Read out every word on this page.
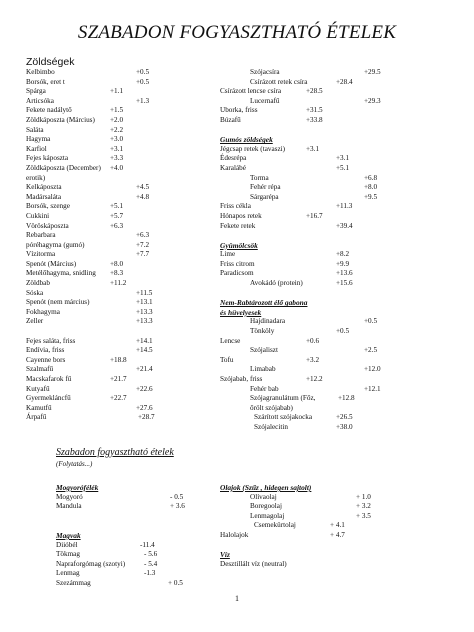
SZABADON FOGYASZTHATÓ ÉTELEK
Zöldségek
Kelbimbo	+0.5
Borsók, eret t	+0.5
Spárga	+1.1
Articsóka	+1.3
Fekete nadálytő	+1.5
Zöldkáposzta (Március) +2.0
Saláta	+2.2
Hagyma	+3.0
Karfiol	+3.1
Fejes káposzta	+3.3
Zöldkáposzta (December) +4.0
erotik)
Kelkáposzta	+4.5
Madársaláta	+4.8
Borsók, szenge	+5.1
Cukkini	+5.7
Vöröskáposzta	+6.3
Rebarbara	+6.3
póréhagyma (gumó)	+7.2
Vízitorma	+7.7
Spenót (Március)	+8.0
Metélőhagyma, snidling +8.3
Zöldbab	+11.2
Sóska	+11.5
Spenót (nem március)	+13.1
Fokhagyma	+13.3
Zeller	+13.3
Fejes saláta, friss	+14.1
Endívia, friss	+14.5
Cayenne bors	+18.8
Szalmafű	+21.4
Macskafarok fű	+21.7
Kutyafű	+22.6
Gyermekláncfű	+22.7
Kamutfű	+27.6
Árpafű	+28.7
Szójacsíra	+29.5
Csírázott retek csíra	+28.4
Csírázott lencse csíra	+28.5
Lucernafű	+29.3
Uborka, friss	+31.5
Búzafű	+33.8
Gumós zöldségek
Jégcsap retek (tavaszi)	+3.1
Édesrépa	+3.1
Karalábé	+5.1
Torma	+6.8
Fehér répa	+8.0
Sárgarépa	+9.5
Friss cékla	+11.3
Hónapos retek	+16.7
Fekete retek	+39.4
Gyümölcsök
Lime	+8.2
Friss citrom	+9.9
Paradicsom	+13.6
Avokádó (protein)	+15.6
Nem-Rabtározott élő gabona
és hüvelyesek
Hajdinadara	+0.5
Tönköly	+0.5
Lencse	+0.6
Szójaliszt	+2.5
Tofu	+3.2
Limabab	+12.0
Szójabab, friss	+12.2
Fehér bab	+12.1
Szójagranulátum (Főz,	+12.8
őrölt szójabab)
Szárított szójakocka	+26.5
Szójalecitin	+38.0
Szabadon fogyasztható ételek
(Folytatás...)
Mogyorófélék
Mogyoró	- 0.5
Mandula	+ 3.6
Magvak
Diióbél	-11.4
Tökmag	- 5.6
Napraforgómag (szotyi)	- 5.4
Lenmag	-1.3
Szezámmag	+ 0.5
Olajok (Szűz , hidegen sajtolt)
Olívaolaj	+ 1.0
Boregoolaj	+ 3.2
Lenmagolaj	+ 3.5
Csemekürtolaj	+ 4.1
Halolajok	+ 4.7
Víz
Desztillált víz (neutral)
1
